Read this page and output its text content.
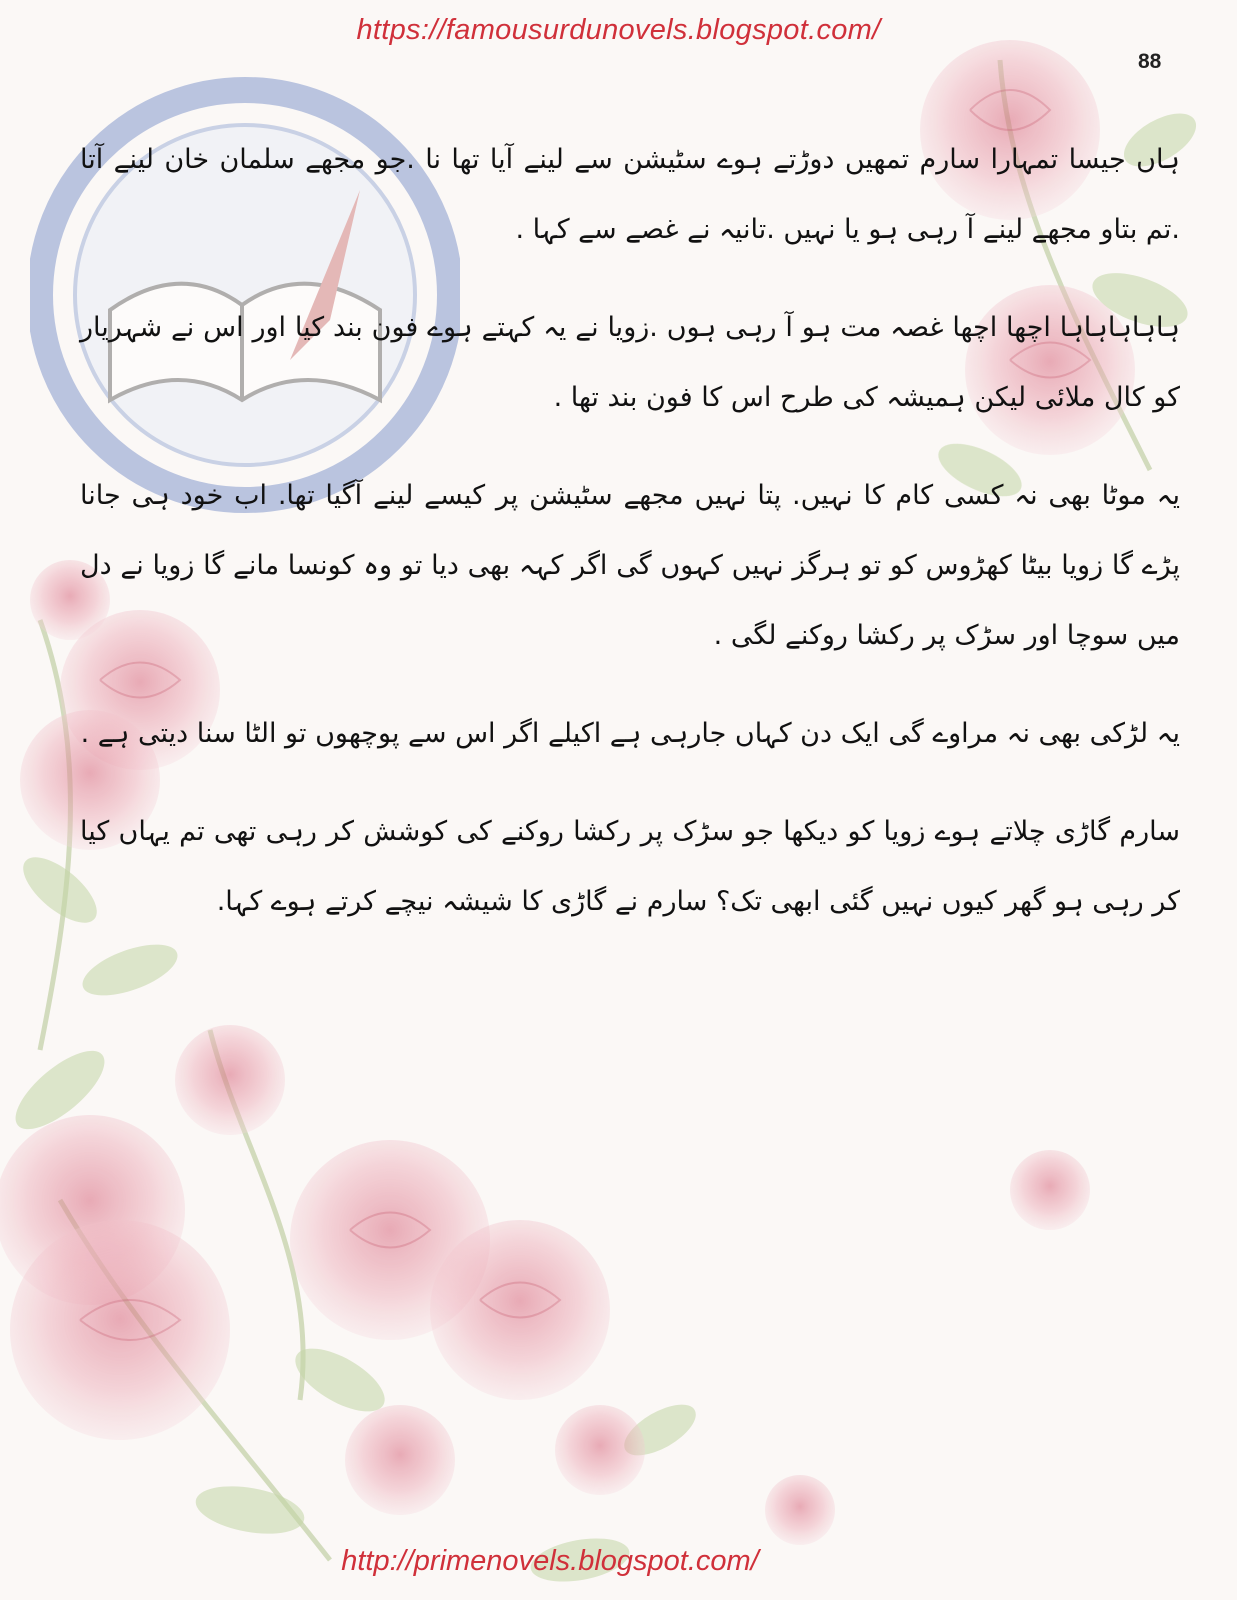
https://famousurdunovels.blogspot.com/
88

ہاں جیسا تمہارا سارم تمھیں دوڑتے ہوے سٹیشن سے لینے آیا تھا نا .جو مجھے سلمان خان لینے آتا .تم بتاو مجھے لینے آ رہی ہو یا نہیں .تانیہ نے غصے سے کہا .

ہاہاہاہاہا اچھا اچھا غصہ مت ہو آ رہی ہوں .زویا نے یہ کہتے ہوے فون بند کیا اور اس نے شہریار کو کال ملائی لیکن ہمیشہ کی طرح اس کا فون بند تھا .

یہ موٹا بھی نہ کسی کام کا نہیں. پتا نہیں مجھے سٹیشن پر کیسے لینے آگیا تھا. اب خود ہی جانا پڑے گا زویا بیٹا کھڑوس کو تو ہرگز نہیں کہوں گی اگر کہہ بھی دیا تو وہ کونسا مانے گا زویا نے دل میں سوچا اور سڑک پر رکشا روکنے لگی .

یہ لڑکی بھی نہ مراوے گی ایک دن کہاں جارہی ہے اکیلے اگر اس سے پوچھوں تو الٹا سنا دیتی ہے .

سارم گاڑی چلاتے ہوے زویا کو دیکھا جو سڑک پر رکشا روکنے کی کوشش کر رہی تھی تم یہاں کیا کر رہی ہو گھر کیوں نہیں گئی ابھی تک؟ سارم نے گاڑی کا شیشہ نیچے کرتے ہوے کہا.

http://primenovels.blogspot.com/
